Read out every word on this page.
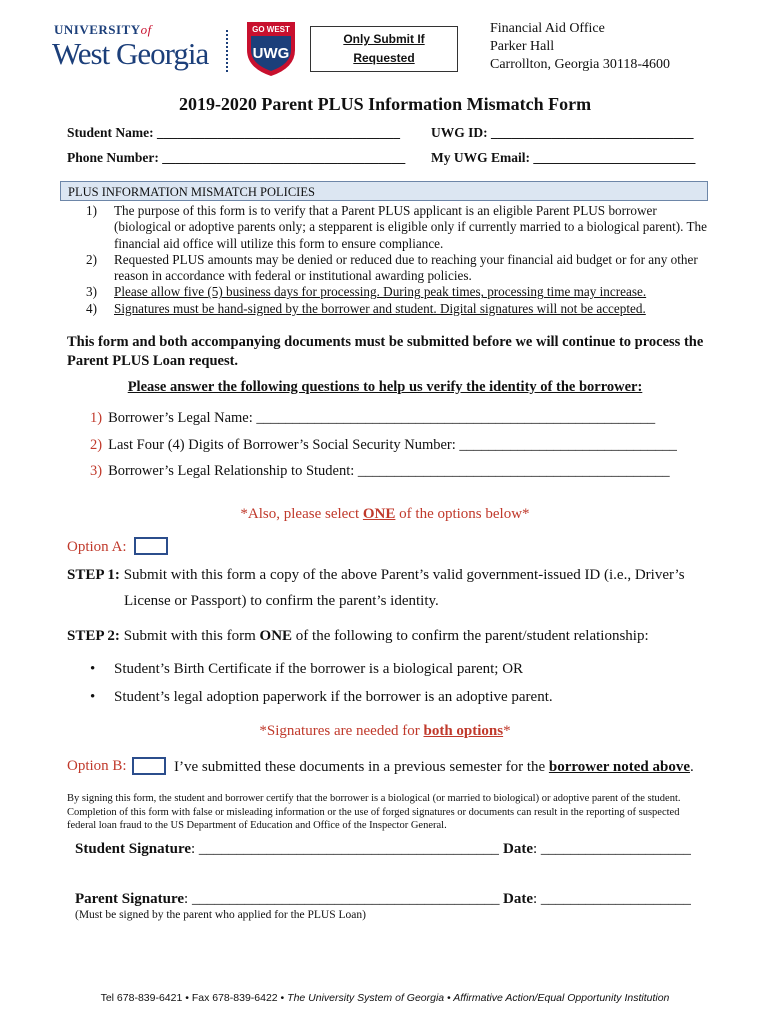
UNIVERSITYof
West Georgia
GO WEST
UWG
Only Submit If
Requested
Financial Aid Office
Parker Hall
Carrollton, Georgia 30118-4600
2019-2020 Parent PLUS Information Mismatch Form
Student Name: ____________________________________ UWG ID: ______________________________
Phone Number: ____________________________________ My UWG Email: ________________________
PLUS INFORMATION MISMATCH POLICIES
1) The purpose of this form is to verify that a Parent PLUS applicant is an eligible Parent PLUS borrower (biological or adoptive parents only; a stepparent is eligible only if currently married to a biological parent). The financial aid office will utilize this form to ensure compliance.
2) Requested PLUS amounts may be denied or reduced due to reaching your financial aid budget or for any other reason in accordance with federal or institutional awarding policies.
3) Please allow five (5) business days for processing. During peak times, processing time may increase.
4) Signatures must be hand-signed by the borrower and student. Digital signatures will not be accepted.
This form and both accompanying documents must be submitted before we will continue to process the Parent PLUS Loan request.
Please answer the following questions to help us verify the identity of the borrower:
1) Borrower’s Legal Name: _______________________________________________________
2) Last Four (4) Digits of Borrower’s Social Security Number: ______________________________
3) Borrower’s Legal Relationship to Student: ___________________________________________
*Also, please select ONE of the options below*
Option A:
STEP 1: Submit with this form a copy of the above Parent’s valid government-issued ID (i.e., Driver’s
License or Passport) to confirm the parent’s identity.
STEP 2: Submit with this form ONE of the following to confirm the parent/student relationship:
• Student’s Birth Certificate if the borrower is a biological parent; OR
• Student’s legal adoption paperwork if the borrower is an adoptive parent.
*Signatures are needed for both options*
Option B:	I’ve submitted these documents in a previous semester for the borrower noted above.
By signing this form, the student and borrower certify that the borrower is a biological (or married to biological) or adoptive parent of the student. Completion of this form with false or misleading information or the use of forged signatures or documents can result in the reporting of suspected federal loan fraud to the US Department of Education and Office of the Inspector General.
Student Signature: ________________________________________ Date: ____________________
Parent Signature: _________________________________________ Date: ____________________
(Must be signed by the parent who applied for the PLUS Loan)
Tel 678-839-6421 • Fax 678-839-6422 • The University System of Georgia • Affirmative Action/Equal Opportunity Institution
